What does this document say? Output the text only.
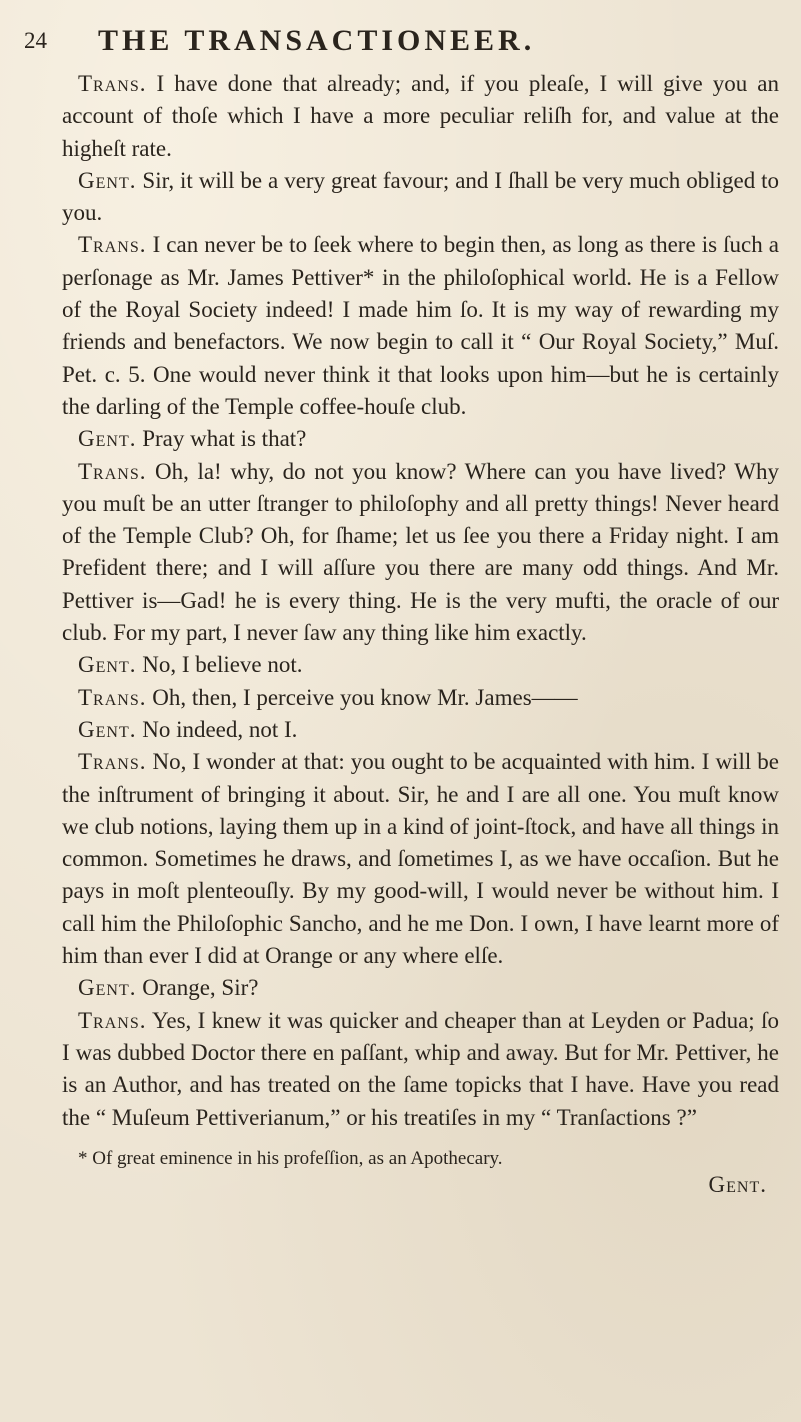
24 THE TRANSACTIONEER.

Trans. I have done that already; and, if you pleaſe, I will give you an account of thoſe which I have a more peculiar reliſh for, and value at the higheſt rate.

Gent. Sir, it will be a very great favour; and I ſhall be very much obliged to you.

Trans. I can never be to ſeek where to begin then, as long as there is ſuch a perſonage as Mr. James Pettiver* in the philoſophical world. He is a Fellow of the Royal Society indeed! I made him ſo. It is my way of rewarding my friends and benefactors. We now begin to call it “ Our Royal Society,” Muſ. Pet. c. 5. One would never think it that looks upon him—but he is certainly the darling of the Temple coffee-houſe club.

Gent. Pray what is that?

Trans. Oh, la! why, do not you know? Where can you have lived? Why you muſt be an utter ſtranger to philoſophy and all pretty things! Never heard of the Temple Club? Oh, for ſhame; let us ſee you there a Friday night. I am Prefident there; and I will aſſure you there are many odd things. And Mr. Pettiver is—Gad! he is every thing. He is the very mufti, the oracle of our club. For my part, I never ſaw any thing like him exactly.

Gent. No, I believe not.

Trans. Oh, then, I perceive you know Mr. James——

Gent. No indeed, not I.

Trans. No, I wonder at that: you ought to be acquainted with him. I will be the inſtrument of bringing it about. Sir, he and I are all one. You muſt know we club notions, laying them up in a kind of joint-ſtock, and have all things in common. Sometimes he draws, and ſometimes I, as we have occaſion. But he pays in moſt plenteouſly. By my good-will, I would never be without him. I call him the Philoſophic Sancho, and he me Don. I own, I have learnt more of him than ever I did at Orange or any where elſe.

Gent. Orange, Sir?

Trans. Yes, I knew it was quicker and cheaper than at Leyden or Padua; ſo I was dubbed Doctor there en paſſant, whip and away. But for Mr. Pettiver, he is an Author, and has treated on the ſame topicks that I have. Have you read the “ Muſeum Pettiverianum,” or his treatiſes in my “ Tranſactions ?”

* Of great eminence in his profeſſion, as an Apothecary.

Gent.
